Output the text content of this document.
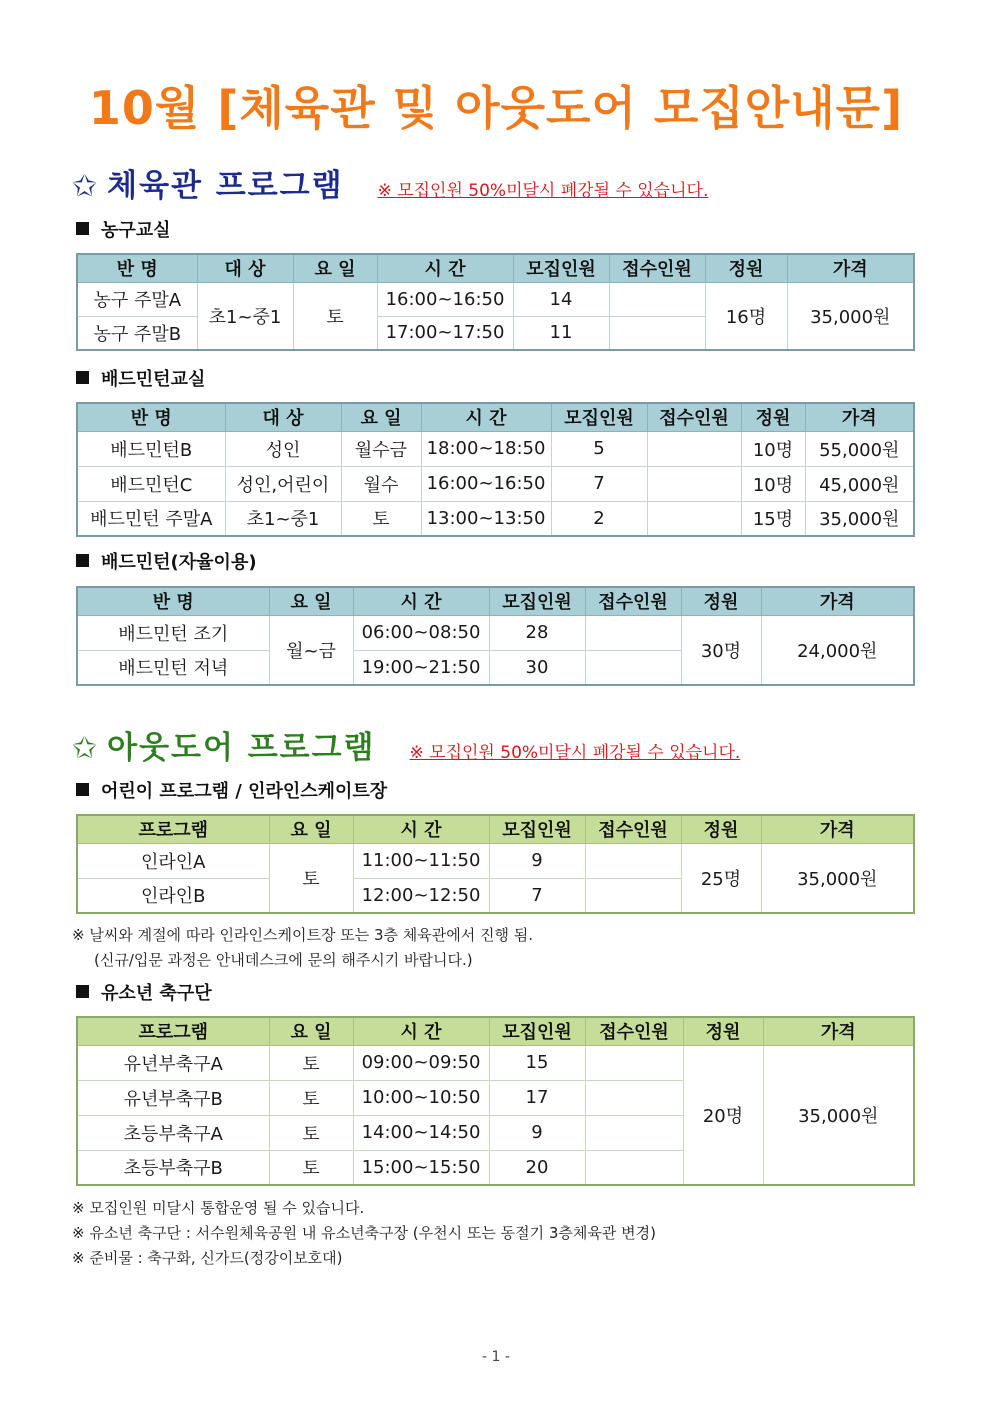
10월 [체육관 및 아웃도어 모집안내문]
✩ 체육관 프로그램 ※ 모집인원 50%미달시 폐강될 수 있습니다.
농구교실
반 명	대 상	요 일	시 간	모집인원	접수인원	정원	가격
농구 주말A	초1~중1	토	16:00~16:50	14		16명	35,000원
농구 주말B			17:00~17:50	11			
배드민턴교실
반 명	대 상	요 일	시 간	모집인원	접수인원	정원	가격
배드민턴B	성인	월수금	18:00~18:50	5		10명	55,000원
배드민턴C	성인,어린이	월수	16:00~16:50	7		10명	45,000원
배드민턴 주말A	초1~중1	토	13:00~13:50	2		15명	35,000원
배드민턴(자율이용)
반 명	요 일	시 간	모집인원	접수인원	정원	가격
배드민턴 조기	월~금	06:00~08:50	28		30명	24,000원
배드민턴 저녁		19:00~21:50	30			
✩ 아웃도어 프로그램 ※ 모집인원 50%미달시 폐강될 수 있습니다.
어린이 프로그램 / 인라인스케이트장
프로그램	요 일	시 간	모집인원	접수인원	정원	가격
인라인A	토	11:00~11:50	9		25명	35,000원
인라인B		12:00~12:50	7			
※ 날씨와 계절에 따라 인라인스케이트장 또는 3층 체육관에서 진행 됨.
(신규/입문 과정은 안내데스크에 문의 해주시기 바랍니다.)
유소년 축구단
프로그램	요 일	시 간	모집인원	접수인원	정원	가격
유년부축구A	토	09:00~09:50	15		20명	35,000원
유년부축구B	토	10:00~10:50	17			
초등부축구A	토	14:00~14:50	9			
초등부축구B	토	15:00~15:50	20			
※ 모집인원 미달시 통합운영 될 수 있습니다.
※ 유소년 축구단 : 서수원체육공원 내 유소년축구장 (우천시 또는 동절기 3층체육관 변경)
※ 준비물 : 축구화, 신가드(정강이보호대)
- 1 -
